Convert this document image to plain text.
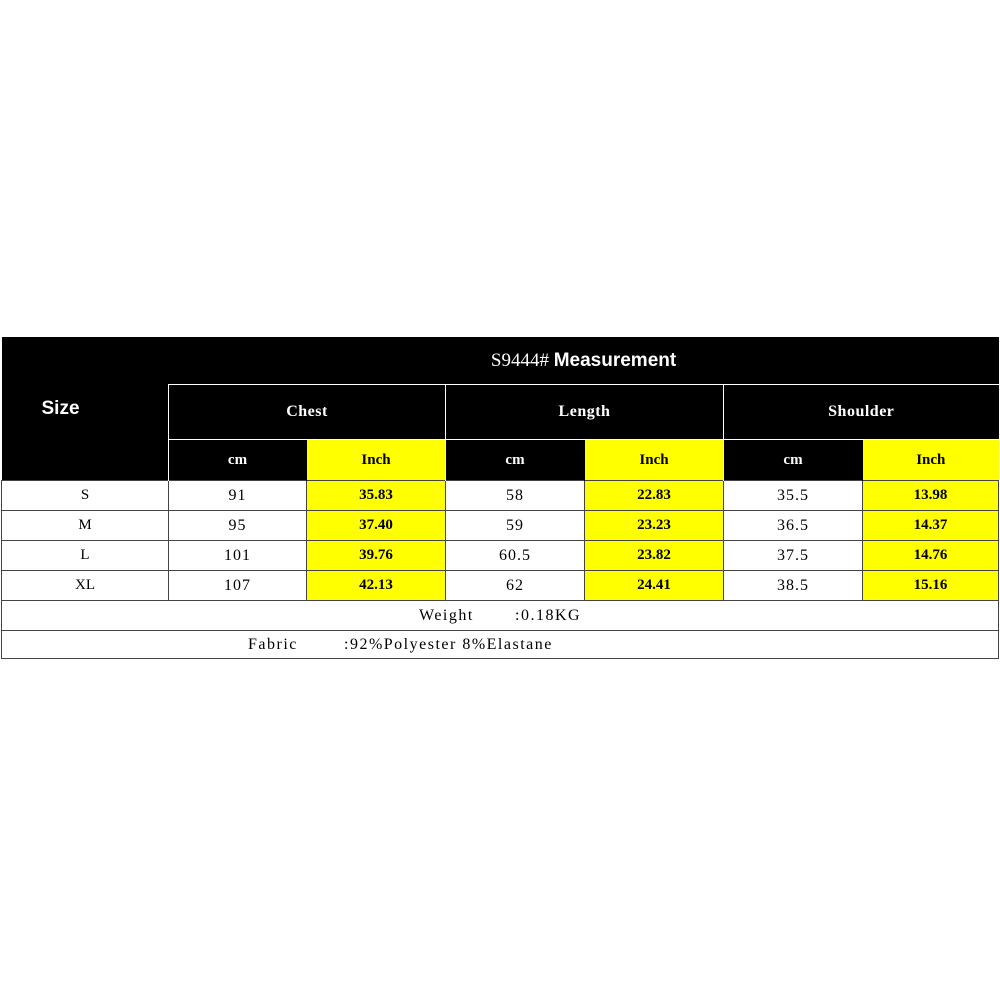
Size	S9444# Measurement					
	Chest		Length		Shoulder	
	cm	Inch	cm	Inch	cm	Inch
S	91	35.83	58	22.83	35.5	13.98
M	95	37.40	59	23.23	36.5	14.37
L	101	39.76	60.5	23.82	37.5	14.76
XL	107	42.13	62	24.41	38.5	15.16
Weight :0.18KG						
Fabric :92%Polyester 8%Elastane						
